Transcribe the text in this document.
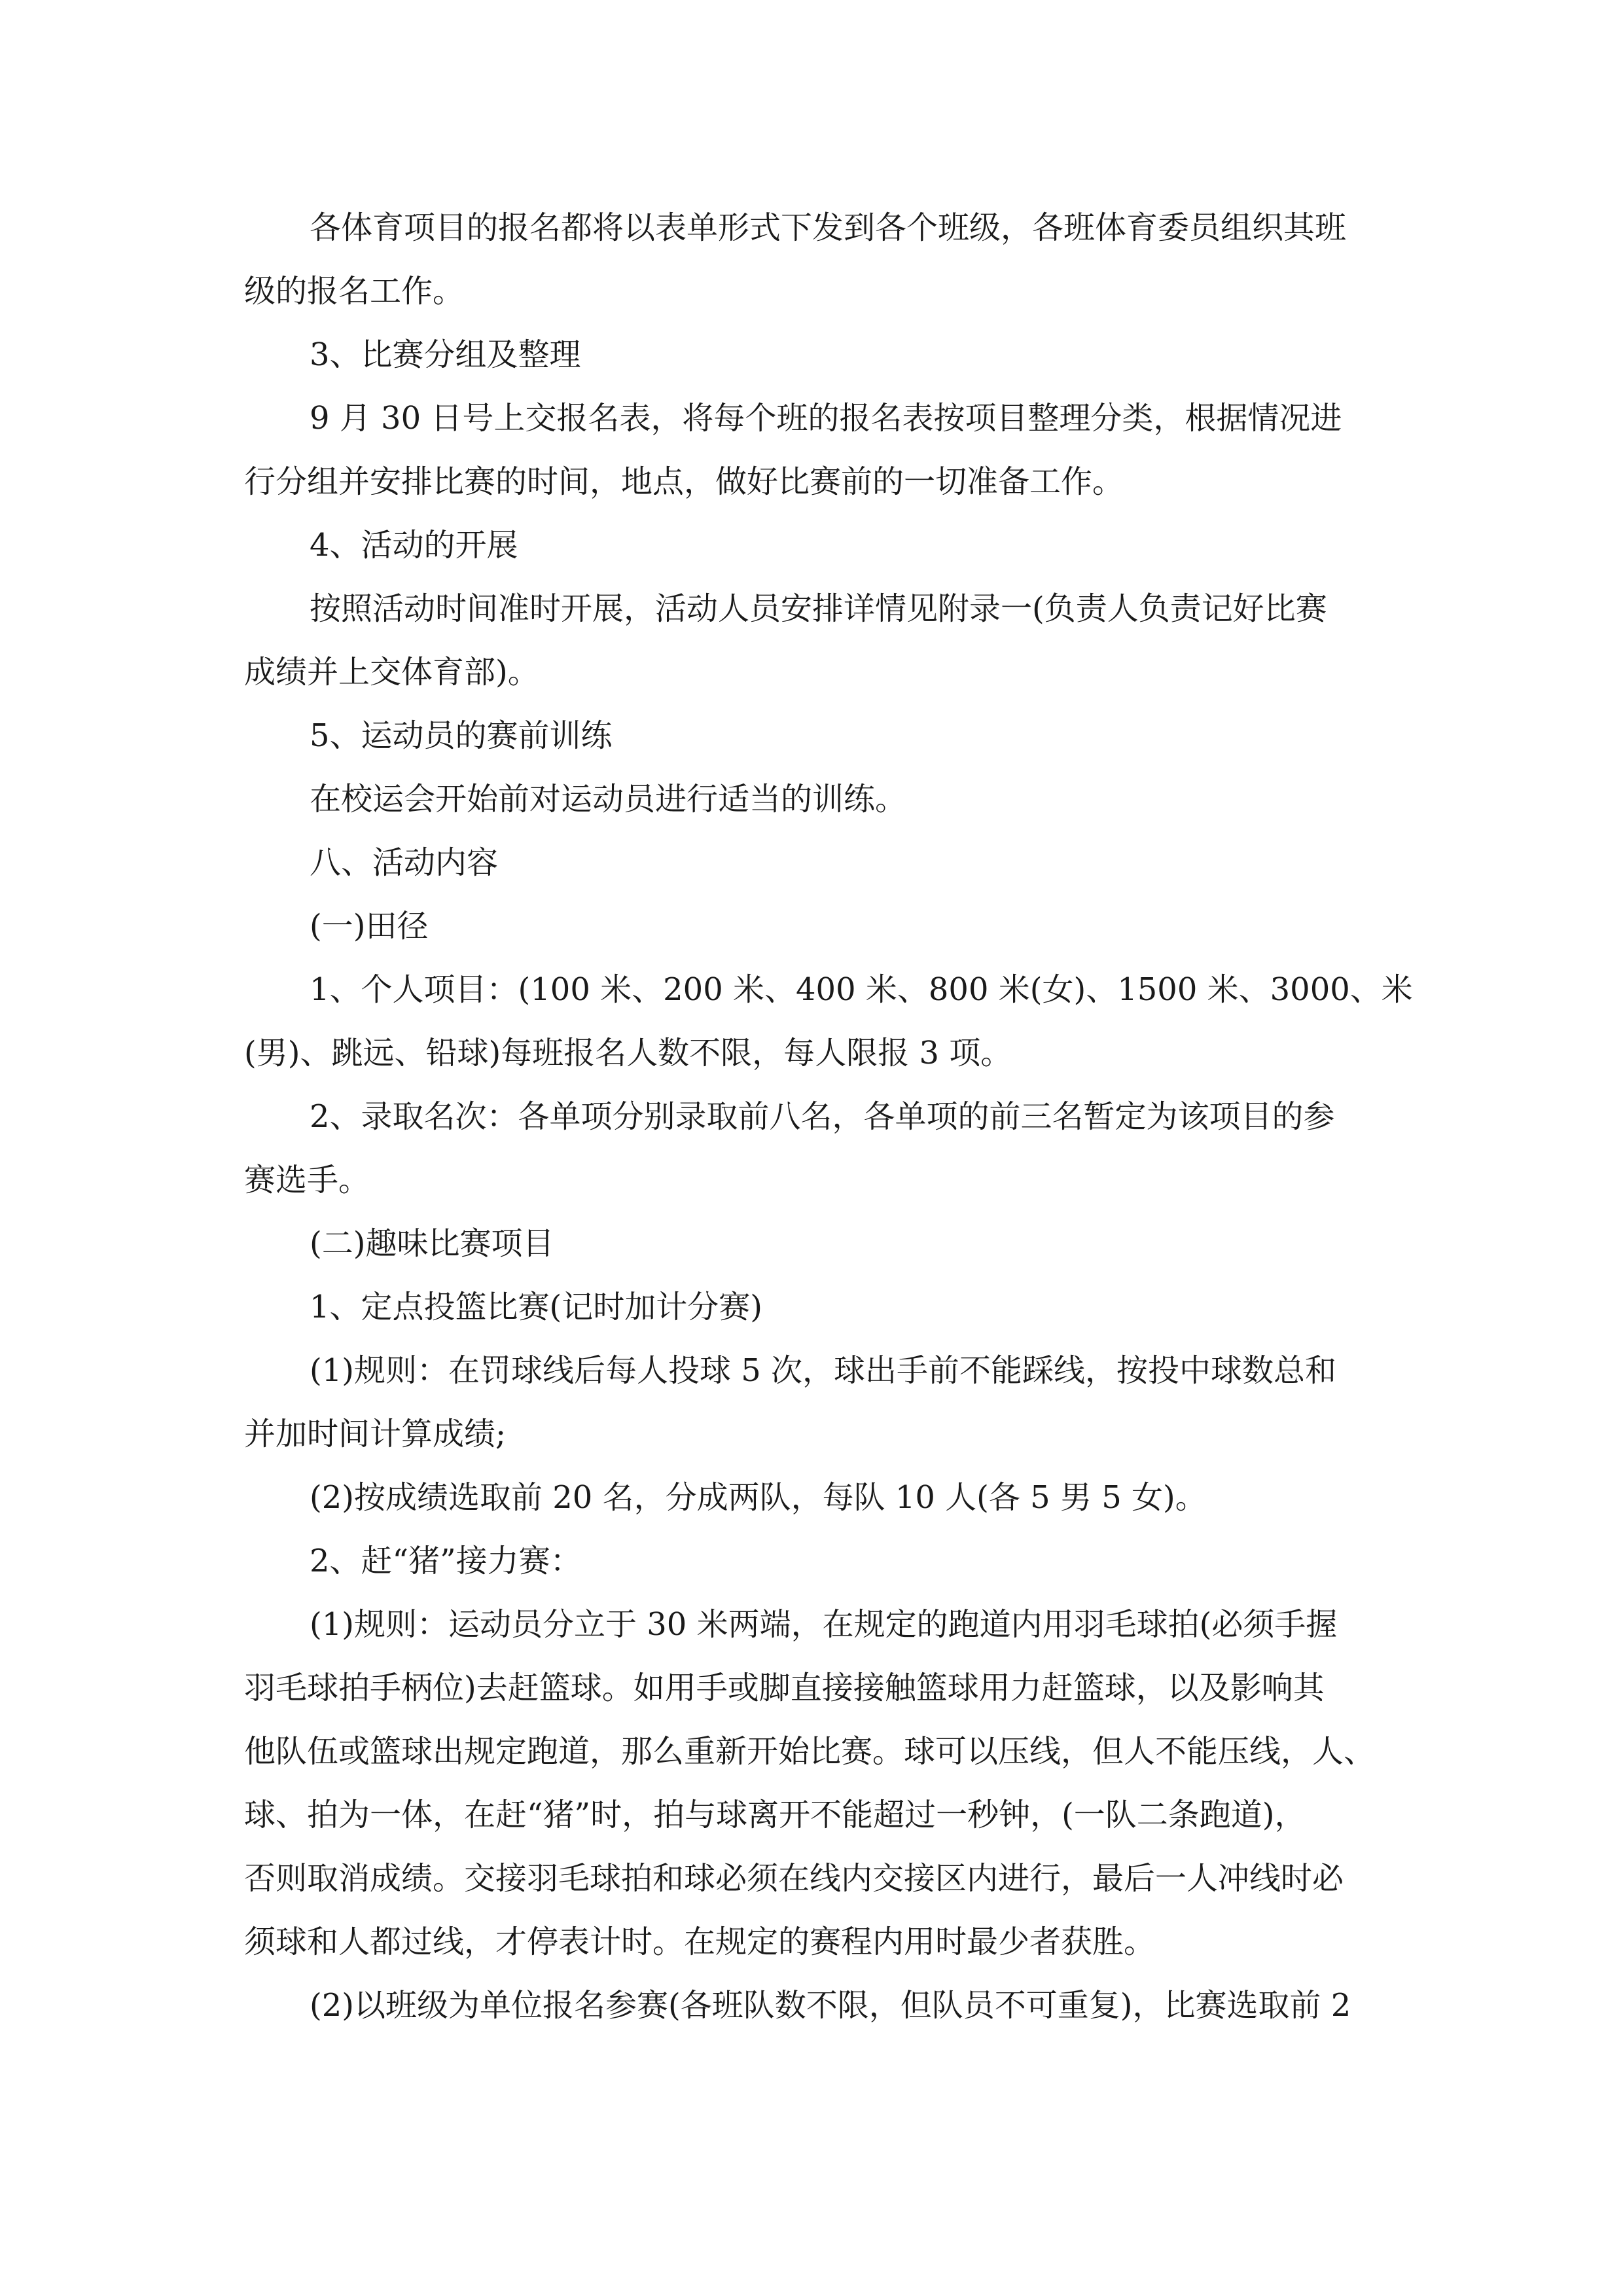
各体育项目的报名都将以表单形式下发到各个班级，各班体育委员组织其班
级的报名工作。
3、比赛分组及整理
9 月 30 日号上交报名表，将每个班的报名表按项目整理分类，根据情况进
行分组并安排比赛的时间，地点，做好比赛前的一切准备工作。
4、活动的开展
按照活动时间准时开展，活动人员安排详情见附录一(负责人负责记好比赛
成绩并上交体育部)。
5、运动员的赛前训练
在校运会开始前对运动员进行适当的训练。
八、活动内容
(一)田径
1、个人项目：(100 米、200 米、400 米、800 米(女)、1500 米、3000、米
(男)、跳远、铅球)每班报名人数不限，每人限报 3 项。
2、录取名次：各单项分别录取前八名，各单项的前三名暂定为该项目的参
赛选手。
(二)趣味比赛项目
1、定点投篮比赛(记时加计分赛)
(1)规则：在罚球线后每人投球 5 次，球出手前不能踩线，按投中球数总和
并加时间计算成绩;
(2)按成绩选取前 20 名，分成两队，每队 10 人(各 5 男 5 女)。
2、赶“猪”接力赛：
(1)规则：运动员分立于 30 米两端，在规定的跑道内用羽毛球拍(必须手握
羽毛球拍手柄位)去赶篮球。如用手或脚直接接触篮球用力赶篮球，以及影响其
他队伍或篮球出规定跑道，那么重新开始比赛。球可以压线，但人不能压线，人、
球、拍为一体，在赶“猪”时，拍与球离开不能超过一秒钟，(一队二条跑道)，
否则取消成绩。交接羽毛球拍和球必须在线内交接区内进行，最后一人冲线时必
须球和人都过线，才停表计时。在规定的赛程内用时最少者获胜。
(2)以班级为单位报名参赛(各班队数不限，但队员不可重复)，比赛选取前 2
